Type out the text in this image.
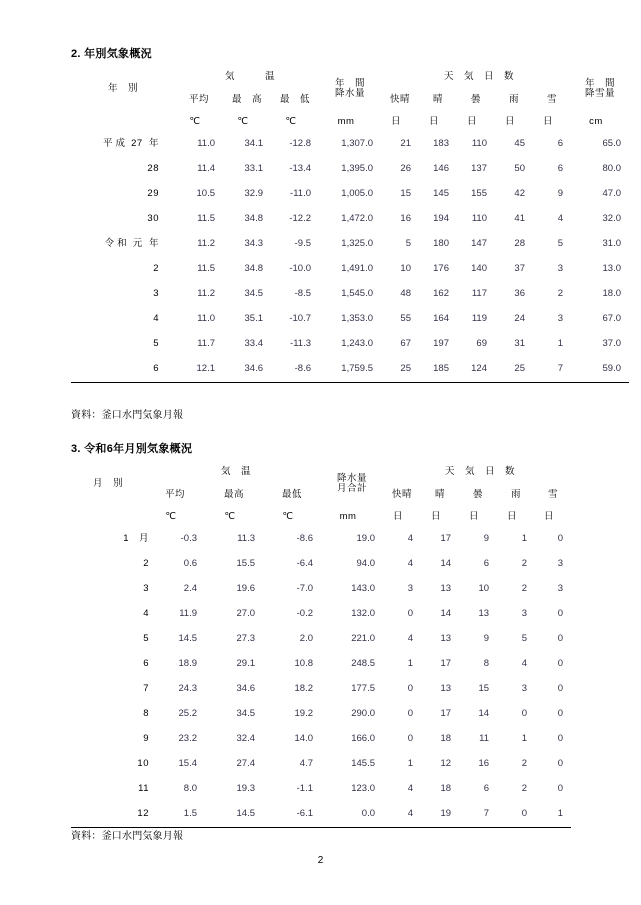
2. 年別気象概況
年　別	気　　　温	
年　間
降水量
	天　気　日　数	
年　間
降雪量

	平均	最　高	最　低		快晴	晴	曇	雨	雪	
	℃	℃	℃	mm	日	日	日	日	日	cm
平成 27  年	11.0	34.1	-12.8	1,307.0	21	183	110	45	6	65.0
28	11.4	33.1	-13.4	1,395.0	26	146	137	50	6	80.0
29	10.5	32.9	-11.0	1,005.0	15	145	155	42	9	47.0
30	11.5	34.8	-12.2	1,472.0	16	194	110	41	4	32.0
令和 元  年	11.2	34.3	-9.5	1,325.0	5	180	147	28	5	31.0
2	11.5	34.8	-10.0	1,491.0	10	176	140	37	3	13.0
3	11.2	34.5	-8.5	1,545.0	48	162	117	36	2	18.0
4	11.0	35.1	-10.7	1,353.0	55	164	119	24	3	67.0
5	11.7	33.4	-11.3	1,243.0	67	197	69	31	1	37.0
6	12.1	34.6	-8.6	1,759.5	25	185	124	25	7	59.0
資料：釜口水門気象月報
3. 令和6年月別気象概況
月　別	気　温			降水量
月合計	天　気　日　数				
	平均	最高	最低		快晴	晴	曇	雨	雪
	℃	℃	℃	mm	日	日	日	日	日
1　月	-0.3	11.3	-8.6	19.0	4	17	9	1	0
2	0.6	15.5	-6.4	94.0	4	14	6	2	3
3	2.4	19.6	-7.0	143.0	3	13	10	2	3
4	11.9	27.0	-0.2	132.0	0	14	13	3	0
5	14.5	27.3	2.0	221.0	4	13	9	5	0
6	18.9	29.1	10.8	248.5	1	17	8	4	0
7	24.3	34.6	18.2	177.5	0	13	15	3	0
8	25.2	34.5	19.2	290.0	0	17	14	0	0
9	23.2	32.4	14.0	166.0	0	18	11	1	0
10	15.4	27.4	4.7	145.5	1	12	16	2	0
11	8.0	19.3	-1.1	123.0	4	18	6	2	0
12	1.5	14.5	-6.1	0.0	4	19	7	0	1
資料：釜口水門気象月報
2
